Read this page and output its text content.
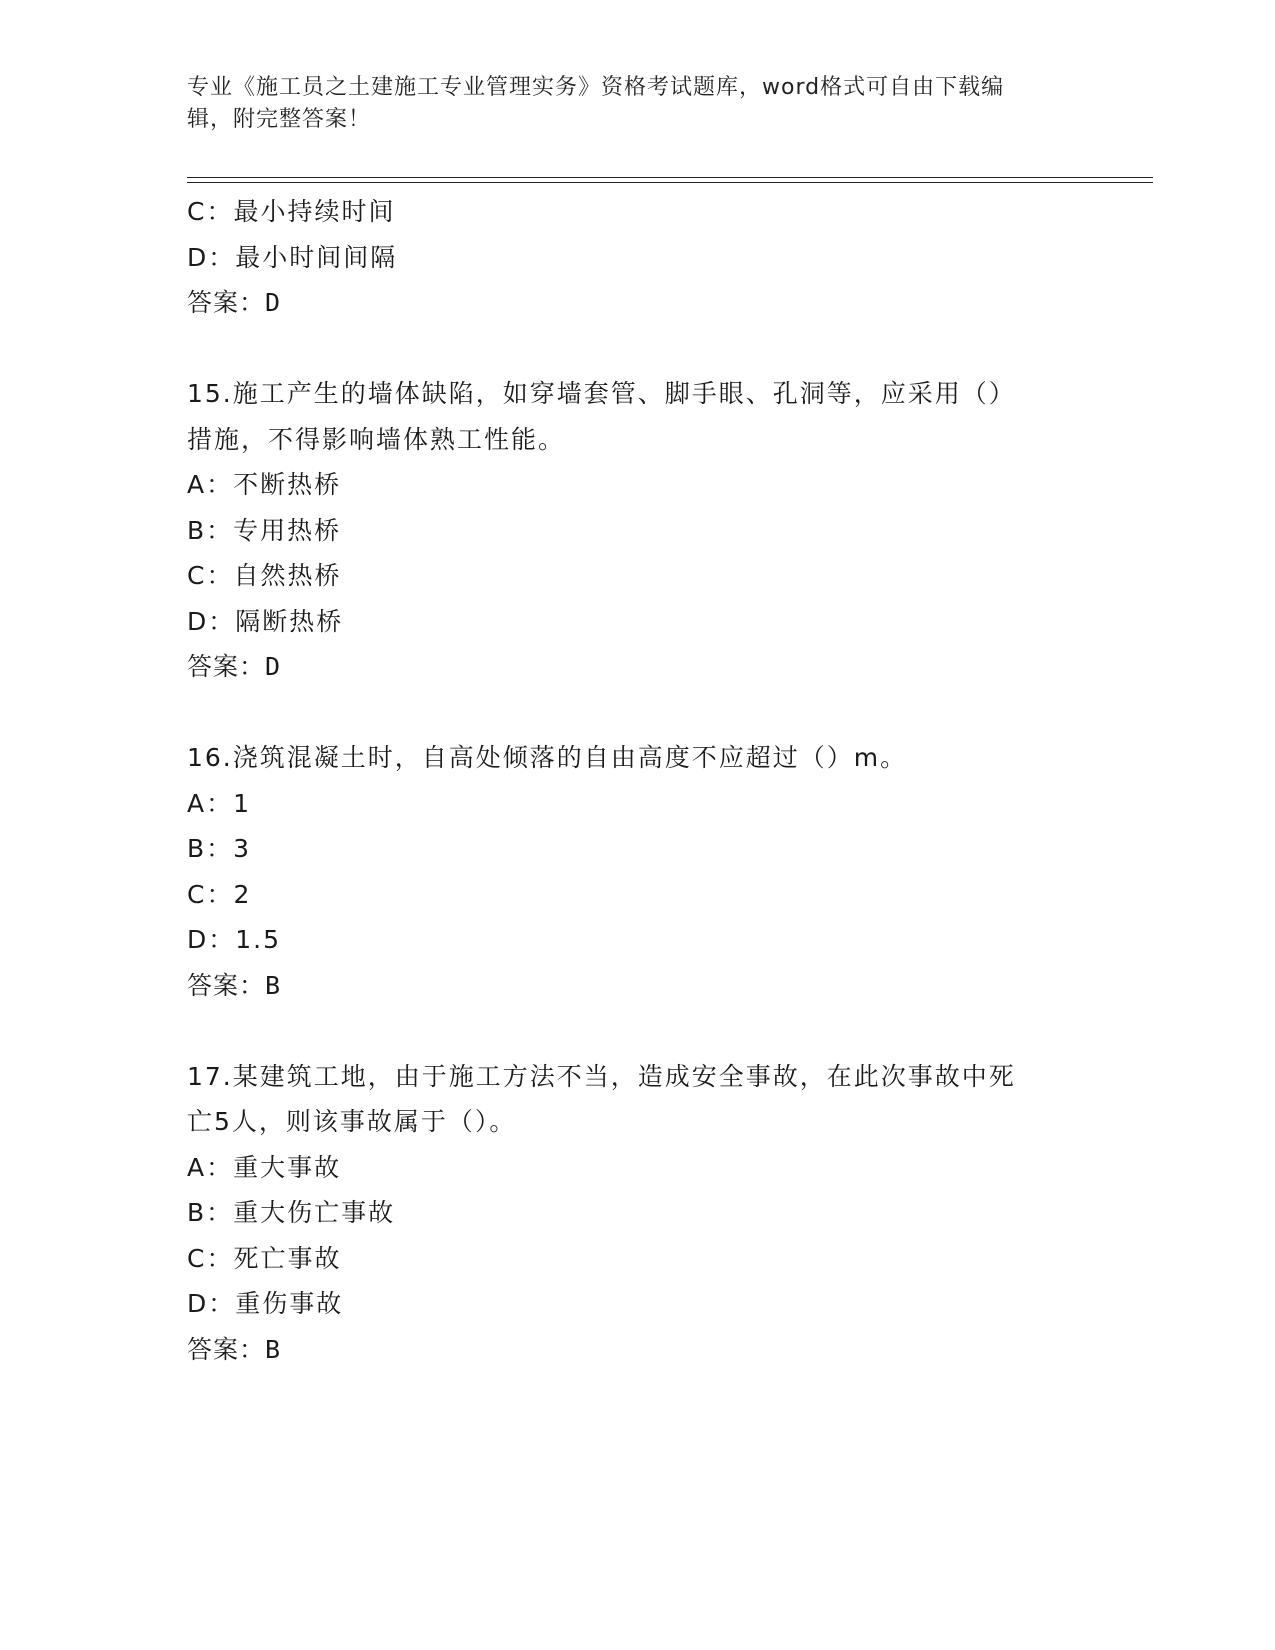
专业《施工员之土建施工专业管理实务》资格考试题库，word格式可自由下载编
辑，附完整答案！
C：最小持续时间
D：最小时间间隔
答案：D
15.施工产生的墙体缺陷，如穿墙套管、脚手眼、孔洞等，应采用（）
措施，不得影响墙体熟工性能。
A：不断热桥
B：专用热桥
C：自然热桥
D：隔断热桥
答案：D
16.浇筑混凝土时，自高处倾落的自由高度不应超过（）m。
A：1
B：3
C：2
D：1.5
答案：B
17.某建筑工地，由于施工方法不当，造成安全事故，在此次事故中死
亡5人，则该事故属于（）。
A：重大事故
B：重大伤亡事故
C：死亡事故
D：重伤事故
答案：B
